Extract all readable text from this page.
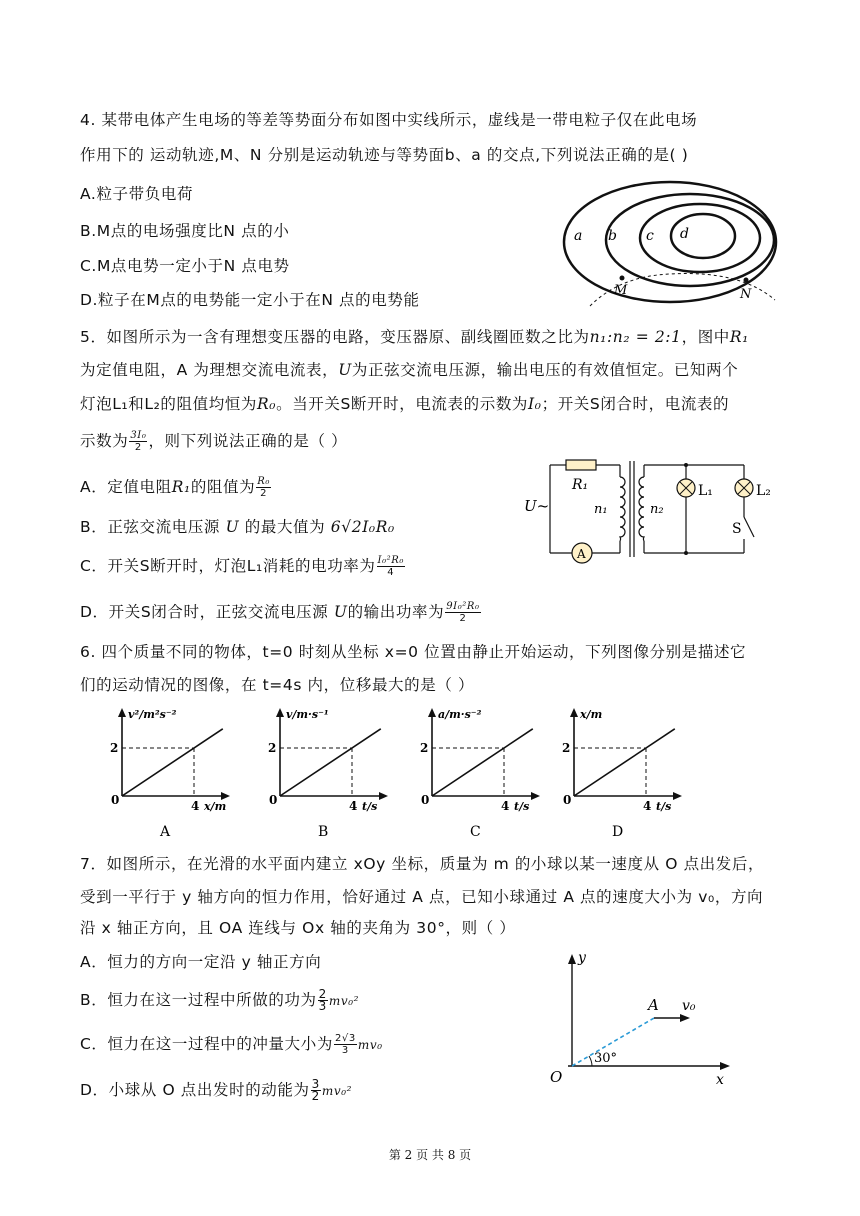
4. 某带电体产生电场的等差等势面分布如图中实线所示，虚线是一带电粒子仅在此电场
作用下的 运动轨迹,M、N 分别是运动轨迹与等势面b、a 的交点,下列说法正确的是( )
A.粒子带负电荷
B.M点的电场强度比N 点的小
C.M点电势一定小于N 点电势
D.粒子在M点的电势能一定小于在N 点的电势能
a b c d
M	N
5．如图所示为一含有理想变压器的电路，变压器原、副线圈匝数之比为n₁:n₂ = 2:1，图中R₁
为定值电阻，A 为理想交流电流表，U为正弦交流电压源，输出电压的有效值恒定。已知两个
灯泡L₁和L₂的阻值均恒为R₀。当开关S断开时，电流表的示数为I₀；开关S闭合时，电流表的
示数为 $\frac{\text{3I₀}}{2}$ ，则下列说法正确的是（ ）
A．定值电阻R₁的阻值为 $\frac{\text{R₀}}{2}$
B．正弦交流电压源 U 的最大值为 6√2I₀R₀
C．开关S断开时，灯泡L₁消耗的电功率为 $\frac{\text{I₀²R₀}}{4}$
D．开关S闭合时，正弦交流电压源 U的输出功率为 $\frac{\text{9I₀²R₀}}{2}$
A
R₁
n₁	n₂
U~
L₁	L₂
S
6. 四个质量不同的物体，t=0 时刻从坐标 x=0 位置由静止开始运动，下列图像分别是描述它
们的运动情况的图像，在 t=4s 内，位移最大的是（ ）
v²/m²s⁻²
x/m
2
4
0
A
v/m·s⁻¹
t/s
2
4
0
B
a/m·s⁻²
t/s
2
4
0
C
x/m
t/s
2
4
0
D
7．如图所示，在光滑的水平面内建立 xOy 坐标，质量为 m 的小球以某一速度从 O 点出发后，
受到一平行于 y 轴方向的恒力作用，恰好通过 A 点，已知小球通过 A 点的速度大小为 v₀，方向
沿 x 轴正方向，且 OA 连线与 Ox 轴的夹角为 30°，则（ ）
A．恒力的方向一定沿 y 轴正方向
B．恒力在这一过程中所做的功为 $\frac{2}{3} mv_0^2$
C．恒力在这一过程中的冲量大小为 $\frac{2√3}{3} mv_0$
D．小球从 O 点出发时的动能为 $\frac{3}{2} mv_0^2$
y
x
O
A v₀
30°
第 2 页 共 8 页
